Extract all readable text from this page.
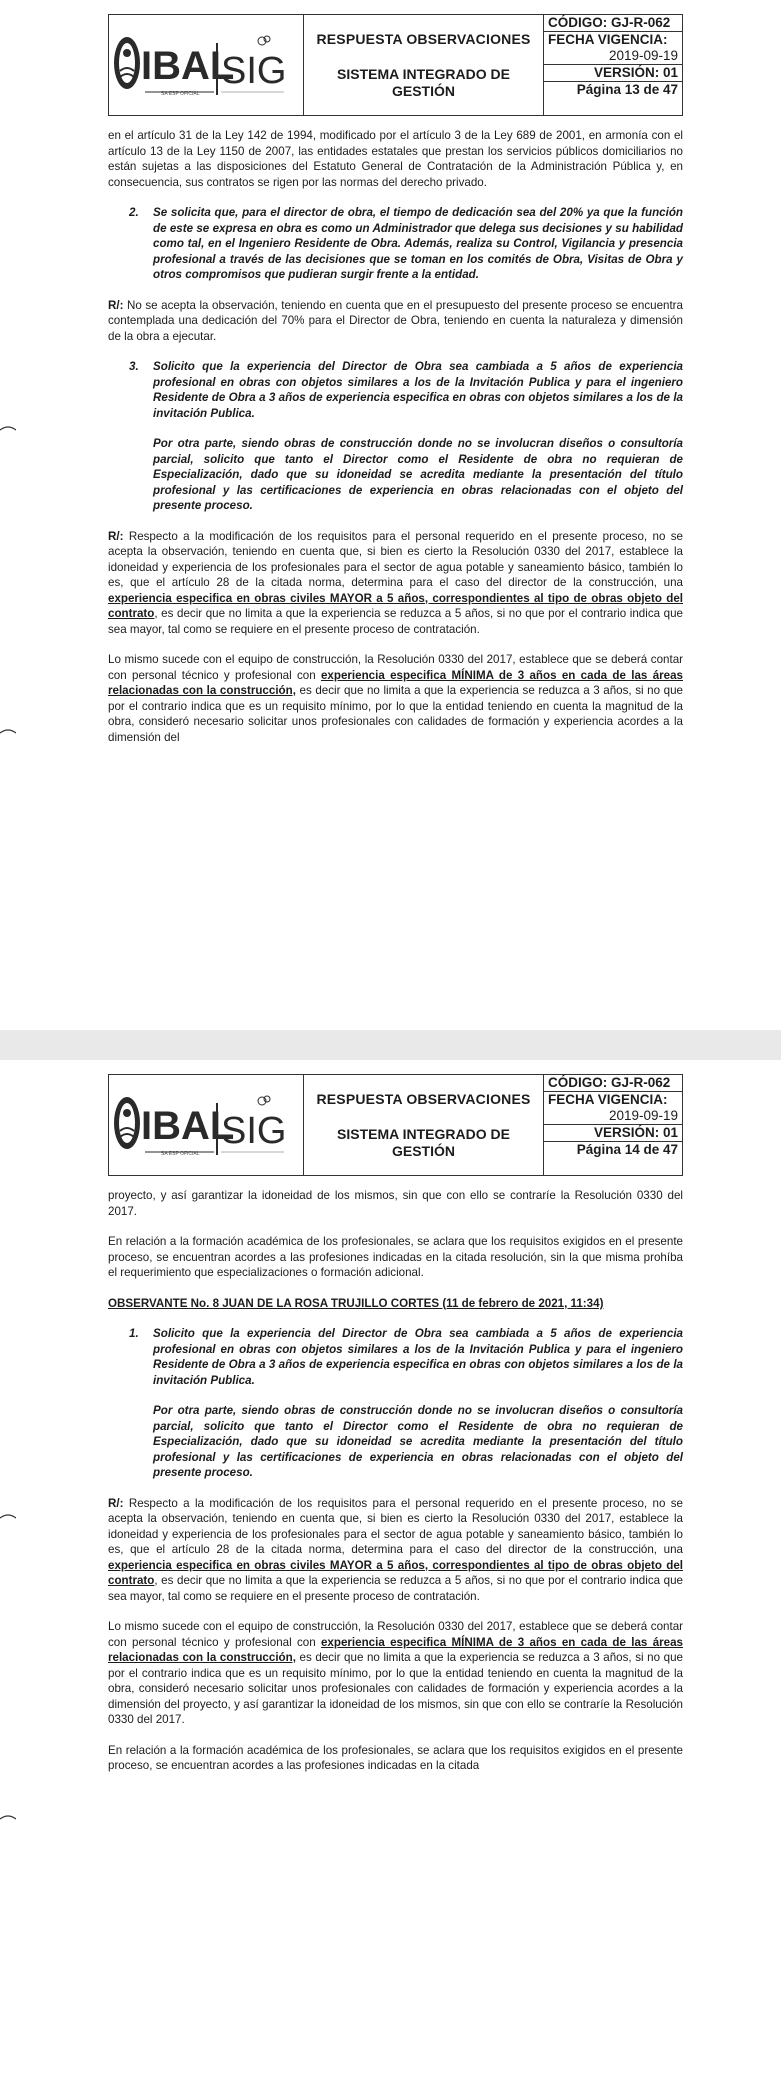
IBAL
SA ESP OFICIAL
SIG
RESPUESTA OBSERVACIONES
SISTEMA INTEGRADO DE
GESTIÓN
CÓDIGO: GJ-R-062
FECHA VIGENCIA:
2019-09-19
VERSIÓN: 01
Página 13 de 47

en el artículo 31 de la Ley 142 de 1994, modificado por el artículo 3 de la Ley 689 de 2001, en armonía con el artículo 13 de la Ley 1150 de 2007, las entidades estatales que prestan los servicios públicos domiciliarios no están sujetas a las disposiciones del Estatuto General de Contratación de la Administración Pública y, en consecuencia, sus contratos se rigen por las normas del derecho privado.

2. Se solicita que, para el director de obra, el tiempo de dedicación sea del 20% ya que la función de este se expresa en obra es como un Administrador que delega sus decisiones y su habilidad como tal, en el Ingeniero Residente de Obra. Además, realiza su Control, Vigilancia y presencia profesional a través de las decisiones que se toman en los comités de Obra, Visitas de Obra y otros compromisos que pudieran surgir frente a la entidad.

R/: No se acepta la observación, teniendo en cuenta que en el presupuesto del presente proceso se encuentra contemplada una dedicación del 70% para el Director de Obra, teniendo en cuenta la naturaleza y dimensión de la obra a ejecutar.

3. Solicito que la experiencia del Director de Obra sea cambiada a 5 años de experiencia profesional en obras con objetos similares a los de la Invitación Publica y para el ingeniero Residente de Obra a 3 años de experiencia especifica en obras con objetos similares a los de la invitación Publica.

Por otra parte, siendo obras de construcción donde no se involucran diseños o consultoría parcial, solicito que tanto el Director como el Residente de obra no requieran de Especialización, dado que su idoneidad se acredita mediante la presentación del título profesional y las certificaciones de experiencia en obras relacionadas con el objeto del presente proceso.

R/: Respecto a la modificación de los requisitos para el personal requerido en el presente proceso, no se acepta la observación, teniendo en cuenta que, si bien es cierto la Resolución 0330 del 2017, establece la idoneidad y experiencia de los profesionales para el sector de agua potable y saneamiento básico, también lo es, que el artículo 28 de la citada norma, determina para el caso del director de la construcción, una experiencia especifica en obras civiles MAYOR a 5 años, correspondientes al tipo de obras objeto del contrato, es decir que no limita a que la experiencia se reduzca a 5 años, si no que por el contrario indica que sea mayor, tal como se requiere en el presente proceso de contratación.

Lo mismo sucede con el equipo de construcción, la Resolución 0330 del 2017, establece que se deberá contar con personal técnico y profesional con experiencia especifica MÍNIMA de 3 años en cada de las áreas relacionadas con la construcción, es decir que no limita a que la experiencia se reduzca a 3 años, si no que por el contrario indica que es un requisito mínimo, por lo que la entidad teniendo en cuenta la magnitud de la obra, consideró necesario solicitar unos profesionales con calidades de formación y experiencia acordes a la dimensión del

IBAL
SA ESP OFICIAL
SIG
RESPUESTA OBSERVACIONES
SISTEMA INTEGRADO DE
GESTIÓN
CÓDIGO: GJ-R-062
FECHA VIGENCIA:
2019-09-19
VERSIÓN: 01
Página 14 de 47

proyecto, y así garantizar la idoneidad de los mismos, sin que con ello se contraríe la Resolución 0330 del 2017.

En relación a la formación académica de los profesionales, se aclara que los requisitos exigidos en el presente proceso, se encuentran acordes a las profesiones indicadas en la citada resolución, sin la que misma prohíba el requerimiento que especializaciones o formación adicional.

OBSERVANTE No. 8 JUAN DE LA ROSA TRUJILLO CORTES (11 de febrero de 2021, 11:34)

1. Solicito que la experiencia del Director de Obra sea cambiada a 5 años de experiencia profesional en obras con objetos similares a los de la Invitación Publica y para el ingeniero Residente de Obra a 3 años de experiencia especifica en obras con objetos similares a los de la invitación Publica.

Por otra parte, siendo obras de construcción donde no se involucran diseños o consultoría parcial, solicito que tanto el Director como el Residente de obra no requieran de Especialización, dado que su idoneidad se acredita mediante la presentación del título profesional y las certificaciones de experiencia en obras relacionadas con el objeto del presente proceso.

R/: Respecto a la modificación de los requisitos para el personal requerido en el presente proceso, no se acepta la observación, teniendo en cuenta que, si bien es cierto la Resolución 0330 del 2017, establece la idoneidad y experiencia de los profesionales para el sector de agua potable y saneamiento básico, también lo es, que el artículo 28 de la citada norma, determina para el caso del director de la construcción, una experiencia especifica en obras civiles MAYOR a 5 años, correspondientes al tipo de obras objeto del contrato, es decir que no limita a que la experiencia se reduzca a 5 años, si no que por el contrario indica que sea mayor, tal como se requiere en el presente proceso de contratación.

Lo mismo sucede con el equipo de construcción, la Resolución 0330 del 2017, establece que se deberá contar con personal técnico y profesional con experiencia especifica MÍNIMA de 3 años en cada de las áreas relacionadas con la construcción, es decir que no limita a que la experiencia se reduzca a 3 años, si no que por el contrario indica que es un requisito mínimo, por lo que la entidad teniendo en cuenta la magnitud de la obra, consideró necesario solicitar unos profesionales con calidades de formación y experiencia acordes a la dimensión del proyecto, y así garantizar la idoneidad de los mismos, sin que con ello se contraríe la Resolución 0330 del 2017.

En relación a la formación académica de los profesionales, se aclara que los requisitos exigidos en el presente proceso, se encuentran acordes a las profesiones indicadas en la citada
